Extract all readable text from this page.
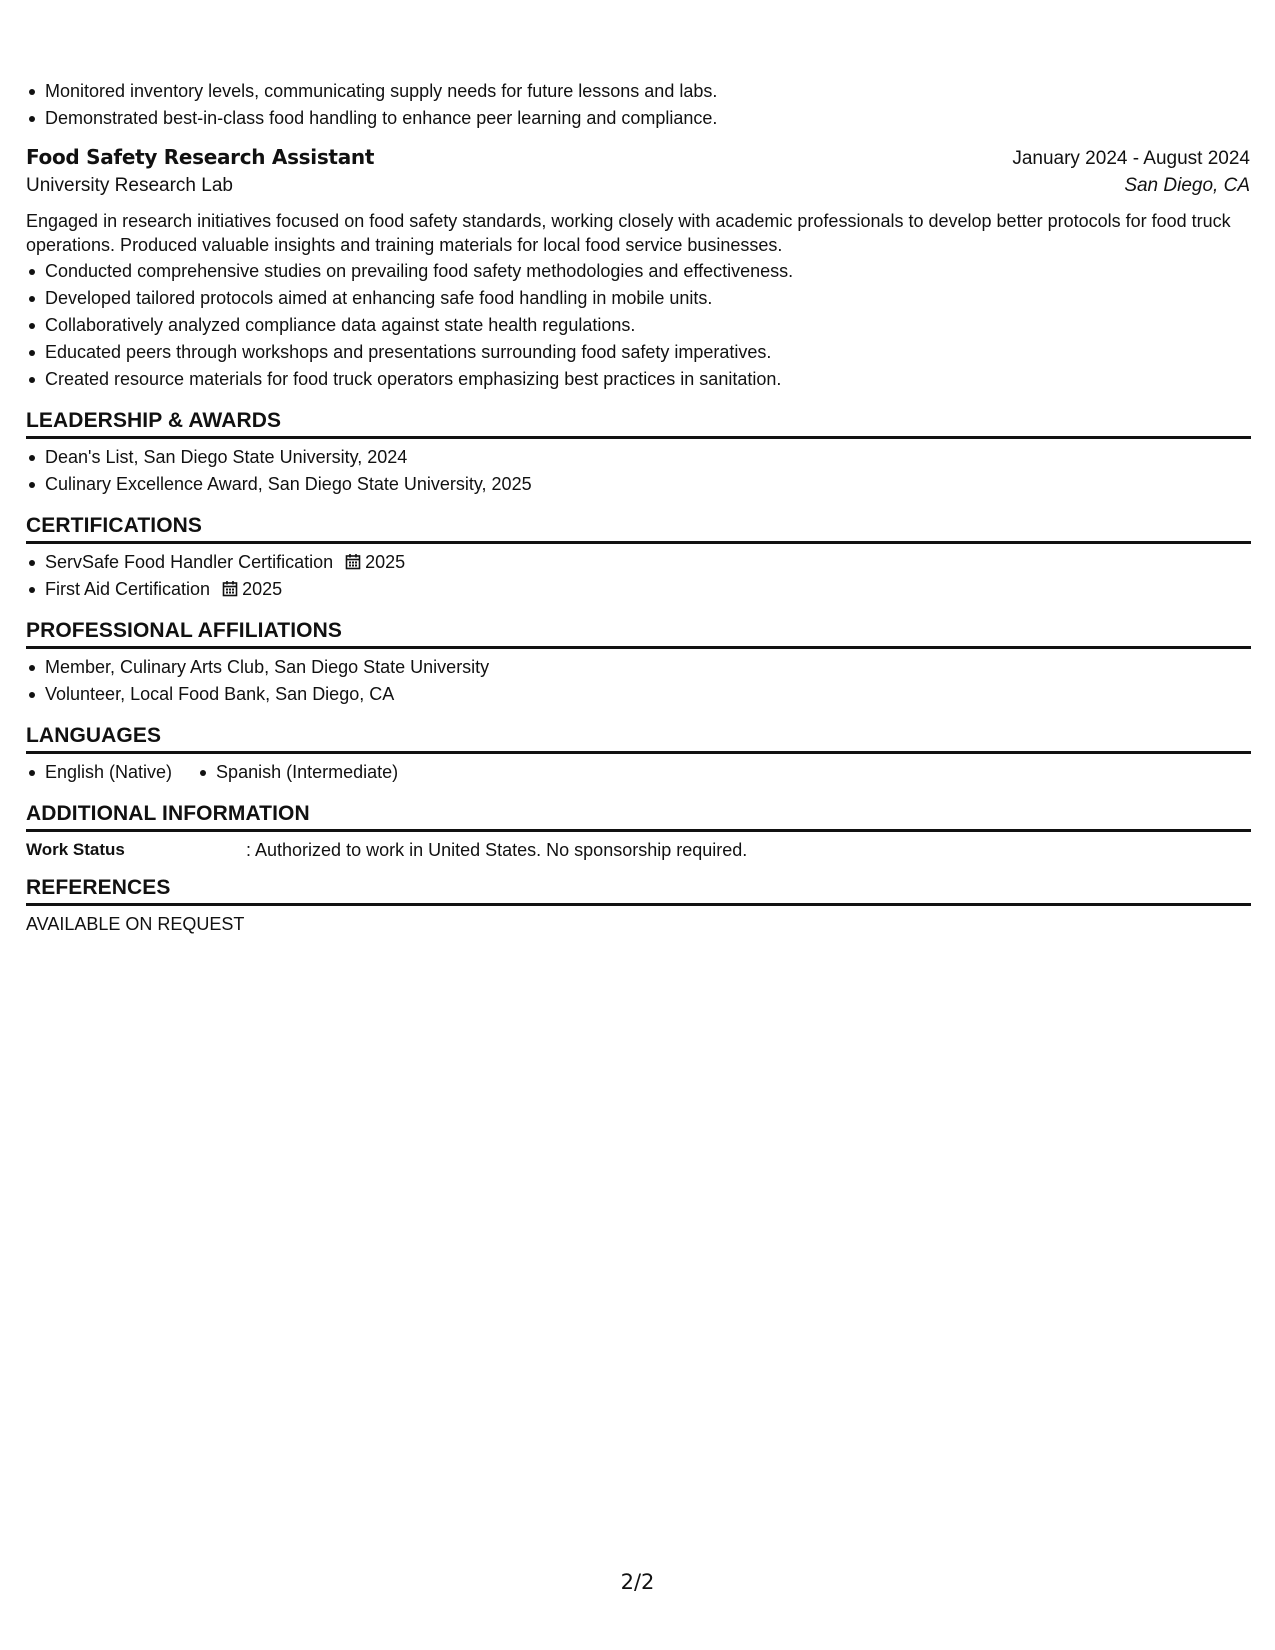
Monitored inventory levels, communicating supply needs for future lessons and labs.
Demonstrated best-in-class food handling to enhance peer learning and compliance.
Food Safety Research Assistant	January 2024 - August 2024
University Research Lab	San Diego, CA

Engaged in research initiatives focused on food safety standards, working closely with academic professionals to develop better protocols for food truck operations. Produced valuable insights and training materials for local food service businesses.

Conducted comprehensive studies on prevailing food safety methodologies and effectiveness.
Developed tailored protocols aimed at enhancing safe food handling in mobile units.
Collaboratively analyzed compliance data against state health regulations.
Educated peers through workshops and presentations surrounding food safety imperatives.
Created resource materials for food truck operators emphasizing best practices in sanitation.
LEADERSHIP & AWARDS
Dean's List, San Diego State University, 2024
Culinary Excellence Award, San Diego State University, 2025
CERTIFICATIONS
ServSafe Food Handler Certification 2025
First Aid Certification 2025
PROFESSIONAL AFFILIATIONS
Member, Culinary Arts Club, San Diego State University
Volunteer, Local Food Bank, San Diego, CA
LANGUAGES
English (Native) Spanish (Intermediate)
ADDITIONAL INFORMATION
Work Status	: Authorized to work in United States. No sponsorship required.
REFERENCES
AVAILABLE ON REQUEST
2/2
